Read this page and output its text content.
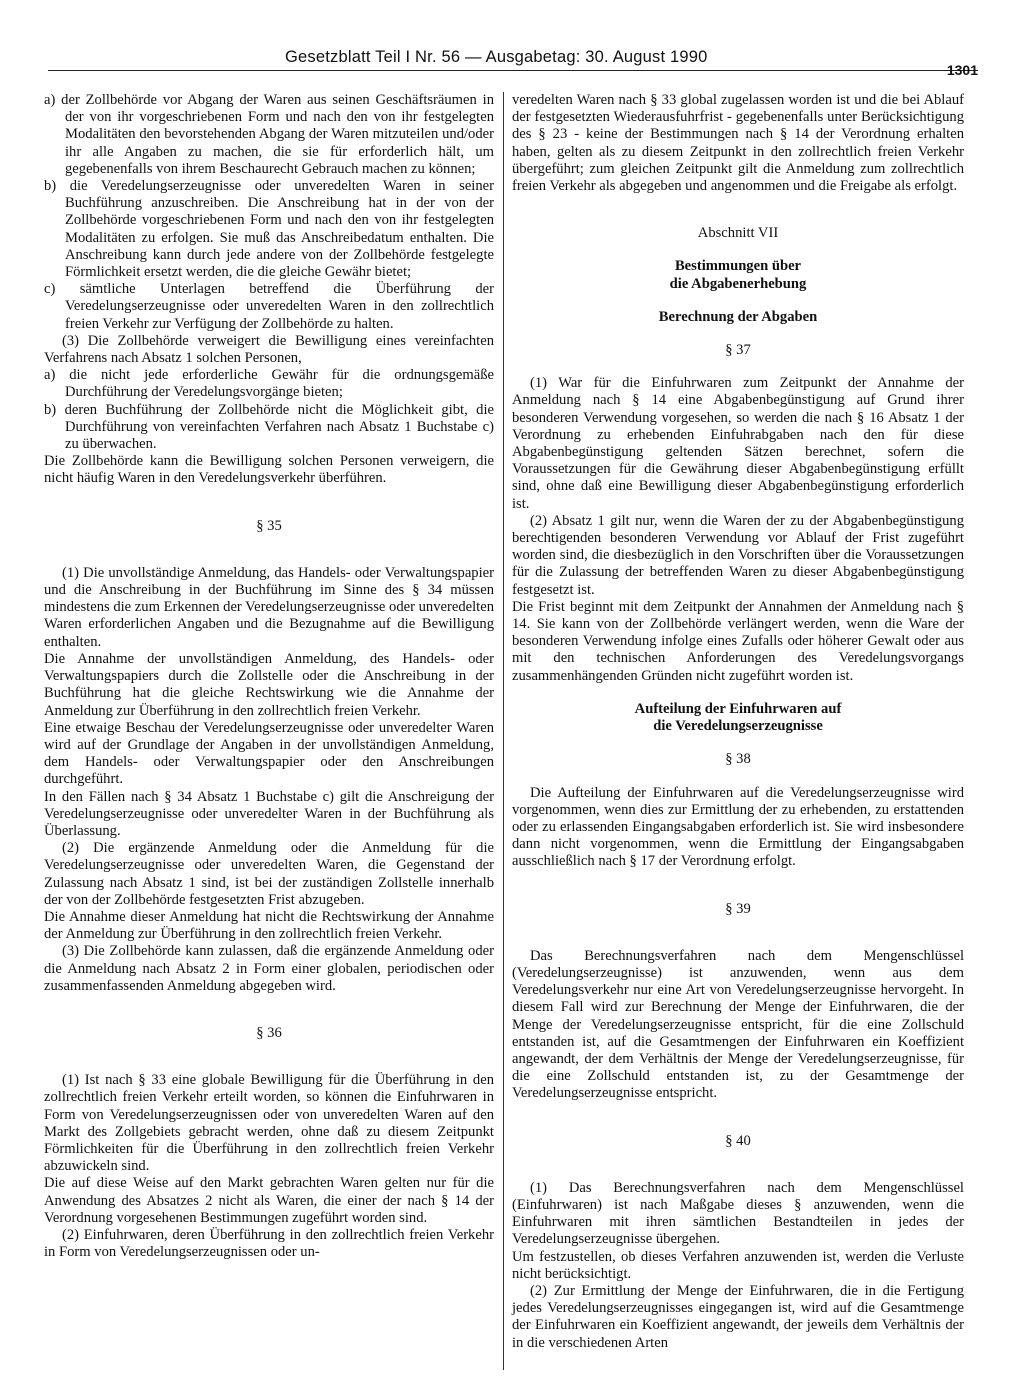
Gesetzblatt Teil I Nr. 56 — Ausgabetag: 30. August 1990
1301

a) der Zollbehörde vor Abgang der Waren aus seinen Geschäftsräumen in der von ihr vorgeschriebenen Form und nach den von ihr festgelegten Modalitäten den bevorstehenden Abgang der Waren mitzuteilen und/oder ihr alle Angaben zu machen, die sie für erforderlich hält, um gegebenenfalls von ihrem Beschaurecht Gebrauch machen zu können;

b) die Veredelungserzeugnisse oder unveredelten Waren in seiner Buchführung anzuschreiben. Die Anschreibung hat in der von der Zollbehörde vorgeschriebenen Form und nach den von ihr festgelegten Modalitäten zu erfolgen. Sie muß das Anschreibedatum enthalten. Die Anschreibung kann durch jede andere von der Zollbehörde festgelegte Förmlichkeit ersetzt werden, die die gleiche Gewähr bietet;

c) sämtliche Unterlagen betreffend die Überführung der Veredelungserzeugnisse oder unveredelten Waren in den zollrechtlich freien Verkehr zur Verfügung der Zollbehörde zu halten.

(3) Die Zollbehörde verweigert die Bewilligung eines vereinfachten Verfahrens nach Absatz 1 solchen Personen,

a) die nicht jede erforderliche Gewähr für die ordnungsgemäße Durchführung der Veredelungsvorgänge bieten;

b) deren Buchführung der Zollbehörde nicht die Möglichkeit gibt, die Durchführung von vereinfachten Verfahren nach Absatz 1 Buchstabe c) zu überwachen.

Die Zollbehörde kann die Bewilligung solchen Personen verweigern, die nicht häufig Waren in den Veredelungsverkehr überführen.

§ 35

(1) Die unvollständige Anmeldung, das Handels- oder Verwaltungspapier und die Anschreibung in der Buchführung im Sinne des § 34 müssen mindestens die zum Erkennen der Veredelungserzeugnisse oder unveredelten Waren erforderlichen Angaben und die Bezugnahme auf die Bewilligung enthalten.

Die Annahme der unvollständigen Anmeldung, des Handels- oder Verwaltungspapiers durch die Zollstelle oder die Anschreibung in der Buchführung hat die gleiche Rechtswirkung wie die Annahme der Anmeldung zur Überführung in den zollrechtlich freien Verkehr.

Eine etwaige Beschau der Veredelungserzeugnisse oder unveredelter Waren wird auf der Grundlage der Angaben in der unvollständigen Anmeldung, dem Handels- oder Verwaltungspapier oder den Anschreibungen durchgeführt.

In den Fällen nach § 34 Absatz 1 Buchstabe c) gilt die Anschreigung der Veredelungserzeugnisse oder unveredelter Waren in der Buchführung als Überlassung.

(2) Die ergänzende Anmeldung oder die Anmeldung für die Veredelungserzeugnisse oder unveredelten Waren, die Gegenstand der Zulassung nach Absatz 1 sind, ist bei der zuständigen Zollstelle innerhalb der von der Zollbehörde festgesetzten Frist abzugeben.

Die Annahme dieser Anmeldung hat nicht die Rechtswirkung der Annahme der Anmeldung zur Überführung in den zollrechtlich freien Verkehr.

(3) Die Zollbehörde kann zulassen, daß die ergänzende Anmeldung oder die Anmeldung nach Absatz 2 in Form einer globalen, periodischen oder zusammenfassenden Anmeldung abgegeben wird.

§ 36

(1) Ist nach § 33 eine globale Bewilligung für die Überführung in den zollrechtlich freien Verkehr erteilt worden, so können die Einfuhrwaren in Form von Veredelungserzeugnissen oder von unveredelten Waren auf den Markt des Zollgebiets gebracht werden, ohne daß zu diesem Zeitpunkt Förmlichkeiten für die Überführung in den zollrechtlich freien Verkehr abzuwickeln sind.

Die auf diese Weise auf den Markt gebrachten Waren gelten nur für die Anwendung des Absatzes 2 nicht als Waren, die einer der nach § 14 der Verordnung vorgesehenen Bestimmungen zugeführt worden sind.

(2) Einfuhrwaren, deren Überführung in den zollrechtlich freien Verkehr in Form von Veredelungserzeugnissen oder un-

veredelten Waren nach § 33 global zugelassen worden ist und die bei Ablauf der festgesetzten Wiederausfuhrfrist - gegebenenfalls unter Berücksichtigung des § 23 - keine der Bestimmungen nach § 14 der Verordnung erhalten haben, gelten als zu diesem Zeitpunkt in den zollrechtlich freien Verkehr übergeführt; zum gleichen Zeitpunkt gilt die Anmeldung zum zollrechtlich freien Verkehr als abgegeben und angenommen und die Freigabe als erfolgt.

Abschnitt VII

Bestimmungen über

die Abgabenerhebung

Berechnung der Abgaben

§ 37

(1) War für die Einfuhrwaren zum Zeitpunkt der Annahme der Anmeldung nach § 14 eine Abgabenbegünstigung auf Grund ihrer besonderen Verwendung vorgesehen, so werden die nach § 16 Absatz 1 der Verordnung zu erhebenden Einfuhrabgaben nach den für diese Abgabenbegünstigung geltenden Sätzen berechnet, sofern die Voraussetzungen für die Gewährung dieser Abgabenbegünstigung erfüllt sind, ohne daß eine Bewilligung dieser Abgabenbegünstigung erforderlich ist.

(2) Absatz 1 gilt nur, wenn die Waren der zu der Abgabenbegünstigung berechtigenden besonderen Verwendung vor Ablauf der Frist zugeführt worden sind, die diesbezüglich in den Vorschriften über die Voraussetzungen für die Zulassung der betreffenden Waren zu dieser Abgabenbegünstigung festgesetzt ist.

Die Frist beginnt mit dem Zeitpunkt der Annahmen der Anmeldung nach § 14. Sie kann von der Zollbehörde verlängert werden, wenn die Ware der besonderen Verwendung infolge eines Zufalls oder höherer Gewalt oder aus mit den technischen Anforderungen des Veredelungsvorgangs zusammenhängenden Gründen nicht zugeführt worden ist.

Aufteilung der Einfuhrwaren auf

die Veredelungserzeugnisse

§ 38

Die Aufteilung der Einfuhrwaren auf die Veredelungserzeugnisse wird vorgenommen, wenn dies zur Ermittlung der zu erhebenden, zu erstattenden oder zu erlassenden Eingangsabgaben erforderlich ist. Sie wird insbesondere dann nicht vorgenommen, wenn die Ermittlung der Eingangsabgaben ausschließlich nach § 17 der Verordnung erfolgt.

§ 39

Das Berechnungsverfahren nach dem Mengenschlüssel (Veredelungserzeugnisse) ist anzuwenden, wenn aus dem Veredelungsverkehr nur eine Art von Veredelungserzeugnisse hervorgeht. In diesem Fall wird zur Berechnung der Menge der Einfuhrwaren, die der Menge der Veredelungserzeugnisse entspricht, für die eine Zollschuld entstanden ist, auf die Gesamtmengen der Einfuhrwaren ein Koeffizient angewandt, der dem Verhältnis der Menge der Veredelungserzeugnisse, für die eine Zollschuld entstanden ist, zu der Gesamtmenge der Veredelungserzeugnisse entspricht.

§ 40

(1) Das Berechnungsverfahren nach dem Mengenschlüssel (Einfuhrwaren) ist nach Maßgabe dieses § anzuwenden, wenn die Einfuhrwaren mit ihren sämtlichen Bestandteilen in jedes der Veredelungserzeugnisse übergehen.

Um festzustellen, ob dieses Verfahren anzuwenden ist, werden die Verluste nicht berücksichtigt.

(2) Zur Ermittlung der Menge der Einfuhrwaren, die in die Fertigung jedes Veredelungserzeugnisses eingegangen ist, wird auf die Gesamtmenge der Einfuhrwaren ein Koeffizient angewandt, der jeweils dem Verhältnis der in die verschiedenen Arten
